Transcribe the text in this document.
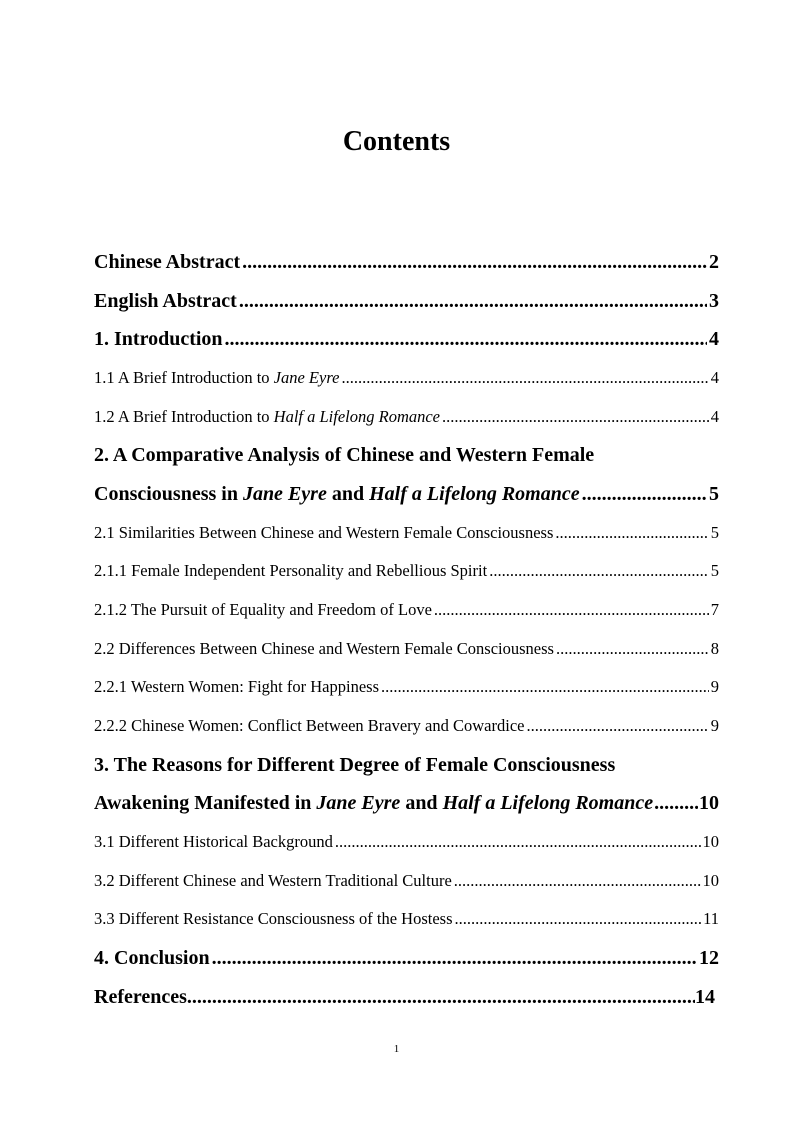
Contents
Chinese Abstract .....	2
English Abstract .....	3
1. Introduction .....	4
1.1 A Brief Introduction to Jane Eyre .....	4
1.2 A Brief Introduction to Half a Lifelong Romance .....	4
2. A Comparative Analysis of Chinese and Western Female
Consciousness in Jane Eyre and Half a Lifelong Romance .....	5
2.1 Similarities Between Chinese and Western Female Consciousness .....	5
2.1.1 Female Independent Personality and Rebellious Spirit .....	5
2.1.2 The Pursuit of Equality and Freedom of Love .....	7
2.2 Differences Between Chinese and Western Female Consciousness .....	8
2.2.1 Western Women: Fight for Happiness .....	9
2.2.2 Chinese Women: Conflict Between Bravery and Cowardice .....	9
3. The Reasons for Different Degree of Female Consciousness
Awakening Manifested in Jane Eyre and Half a Lifelong Romance ..... 10
3.1 Different Historical Background .....	10
3.2 Different Chinese and Western Traditional Culture .....	10
3.3 Different Resistance Consciousness of the Hostess .....	11
4. Conclusion .....	12
References .....	14
1
